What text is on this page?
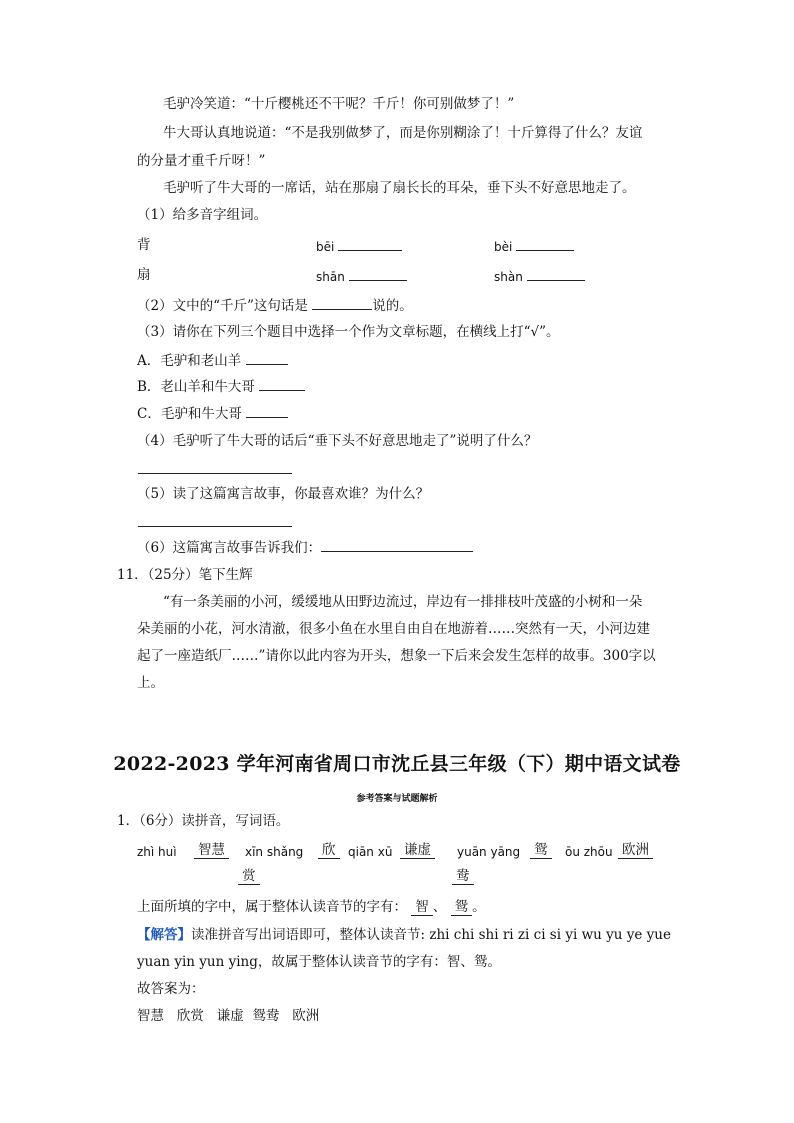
毛驴冷笑道：“十斤樱桃还不干呢？千斤！你可别做梦了！”
牛大哥认真地说道：“不是我别做梦了，而是你别糊涂了！十斤算得了什么？友谊
的分量才重千斤呀！”
毛驴听了牛大哥的一席话，站在那扇了扇长长的耳朵，垂下头不好意思地走了。
（1）给多音字组词。
背	bēi	bèi
扇	shān	shàn
（2）文中的“千斤”这句话是	说的。
（3）请你在下列三个题目中选择一个作为文章标题，在横线上打“√”。
A．毛驴和老山羊
B．老山羊和牛大哥
C．毛驴和牛大哥
（4）毛驴听了牛大哥的话后“垂下头不好意思地走了”说明了什么？
（5）读了这篇寓言故事，你最喜欢谁？为什么？
（6）这篇寓言故事告诉我们：
11．（25分）笔下生辉
“有一条美丽的小河，缓缓地从田野边流过，岸边有一排排枝叶茂盛的小树和一朵
朵美丽的小花，河水清澈，很多小鱼在水里自由自在地游着……突然有一天，小河边建
起了一座造纸厂……”请你以此内容为开头，想象一下后来会发生怎样的故事。300字以
上。
2022-2023 学年河南省周口市沈丘县三年级（下）期中语文试卷
参考答案与试题解析
1．（6分）读拼音，写词语。
zhì huì 智慧	xīn shǎng 欣	qiān xū 谦虚	yuān yāng 鸳	ōu zhōu 欧洲
赏	鸯
上面所填的字中，属于整体认读音节的字有： 智 、 鸳 。
【解答】读准拼音写出词语即可，整体认读音节: zhi chi shi ri zi ci si yi wu yu ye yue
yuan yin yun ying，故属于整体认读音节的字有：智、鸳。
故答案为：
智慧 欣赏 谦虚 鸳鸯 欧洲
